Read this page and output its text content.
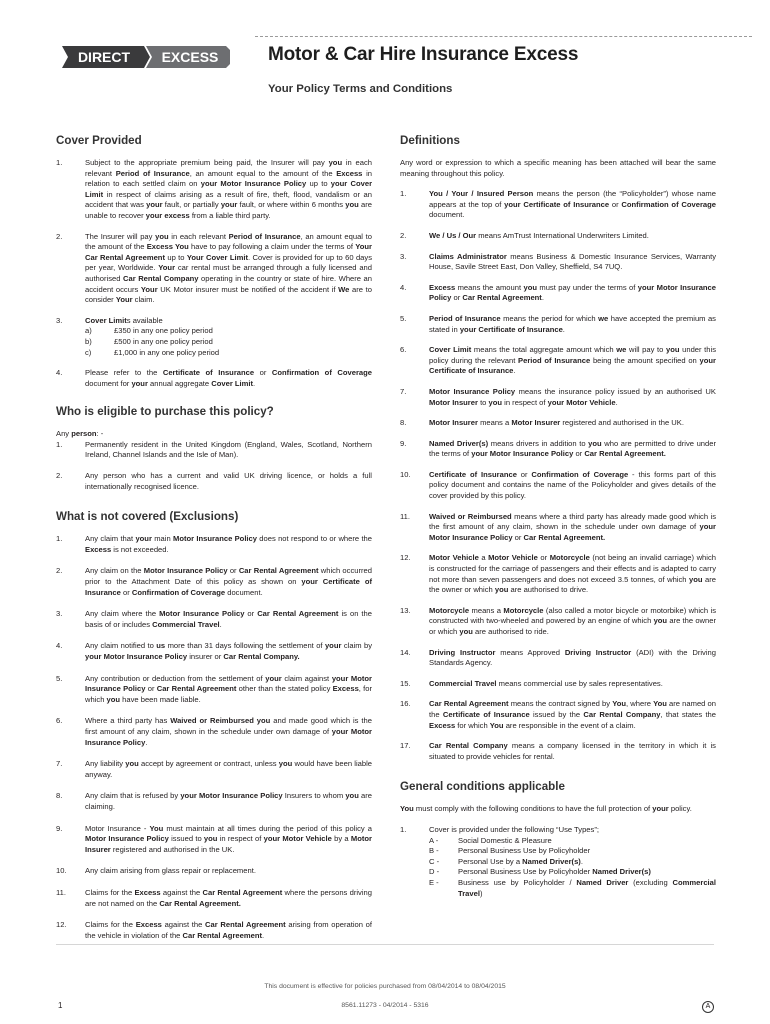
DIRECT EXCESS	Motor & Car Hire Insurance Excess
Your Policy Terms and Conditions
Cover Provided
1.	Subject to the appropriate premium being paid, the Insurer will pay you in each relevant Period of Insurance, an amount equal to the amount of the Excess in relation to each settled claim on your Motor Insurance Policy up to your Cover Limit in respect of claims arising as a result of fire, theft, flood, vandalism or an accident that was your fault, or partially your fault, or where within 6 months you are unable to recover your excess from a liable third party.
2.	The Insurer will pay you in each relevant Period of Insurance, an amount equal to the amount of the Excess You have to pay following a claim under the terms of Your Car Rental Agreement up to Your Cover Limit. Cover is provided for up to 60 days per year, Worldwide. Your car rental must be arranged through a fully licensed and authorised Car Rental Company operating in the country or state of hire. Where an accident occurs Your UK Motor insurer must be notified of the accident if We are to consider Your claim.
3.	Cover Limits available
a)	£350 in any one policy period
b)	£500 in any one policy period
c)	£1,000 in any one policy period
4.	Please refer to the Certificate of Insurance or Confirmation of Coverage document for your annual aggregate Cover Limit.
Who is eligible to purchase this policy?
Any person: -
1.	Permanently resident in the United Kingdom (England, Wales, Scotland, Northern Ireland, Channel Islands and the Isle of Man).
2.	Any person who has a current and valid UK driving licence, or holds a full internationally recognised licence.
What is not covered (Exclusions)
1.	Any claim that your main Motor Insurance Policy does not respond to or where the Excess is not exceeded.
2.	Any claim on the Motor Insurance Policy or Car Rental Agreement which occurred prior to the Attachment Date of this policy as shown on your Certificate of Insurance or Confirmation of Coverage document.
3.	Any claim where the Motor Insurance Policy or Car Rental Agreement is on the basis of or includes Commercial Travel.
4.	Any claim notified to us more than 31 days following the settlement of your claim by your Motor Insurance Policy insurer or Car Rental Company.
5.	Any contribution or deduction from the settlement of your claim against your Motor Insurance Policy or Car Rental Agreement other than the stated policy Excess, for which you have been made liable.
6.	Where a third party has Waived or Reimbursed you and made good which is the first amount of any claim, shown in the schedule under own damage of your Motor Insurance Policy.
7.	Any liability you accept by agreement or contract, unless you would have been liable anyway.
8.	Any claim that is refused by your Motor Insurance Policy Insurers to whom you are claiming.
9.	Motor Insurance - You must maintain at all times during the period of this policy a Motor Insurance Policy issued to you in respect of your Motor Vehicle by a Motor Insurer registered and authorised in the UK.
10.	Any claim arising from glass repair or replacement.
11.	Claims for the Excess against the Car Rental Agreement where the persons driving are not named on the Car Rental Agreement.
12.	Claims for the Excess against the Car Rental Agreement arising from operation of the vehicle in violation of the Car Rental Agreement.
Definitions
Any word or expression to which a specific meaning has been attached will bear the same meaning throughout this policy.
1.	You / Your / Insured Person means the person (the “Policyholder”) whose name appears at the top of your Certificate of Insurance or Confirmation of Coverage document.
2.	We / Us / Our means AmTrust International Underwriters Limited.
3.	Claims Administrator means Business & Domestic Insurance Services, Warranty House, Savile Street East, Don Valley, Sheffield, S4 7UQ.
4.	Excess means the amount you must pay under the terms of your Motor Insurance Policy or Car Rental Agreement.
5.	Period of Insurance means the period for which we have accepted the premium as stated in your Certificate of Insurance.
6.	Cover Limit means the total aggregate amount which we will pay to you under this policy during the relevant Period of Insurance being the amount specified on your Certificate of Insurance.
7.	Motor Insurance Policy means the insurance policy issued by an authorised UK Motor Insurer to you in respect of your Motor Vehicle.
8.	Motor Insurer means a Motor Insurer registered and authorised in the UK.
9.	Named Driver(s) means drivers in addition to you who are permitted to drive under the terms of your Motor Insurance Policy or Car Rental Agreement.
10.	Certificate of Insurance or Confirmation of Coverage - this forms part of this policy document and contains the name of the Policyholder and gives details of the cover provided by this policy.
11.	Waived or Reimbursed means where a third party has already made good which is the first amount of any claim, shown in the schedule under own damage of your Motor Insurance Policy or Car Rental Agreement.
12.	Motor Vehicle a Motor Vehicle or Motorcycle (not being an invalid carriage) which is constructed for the carriage of passengers and their effects and is adapted to carry not more than seven passengers and does not exceed 3.5 tonnes, of which you are the owner or which you are authorised to drive.
13.	Motorcycle means a Motorcycle (also called a motor bicycle or motorbike) which is constructed with two-wheeled and powered by an engine of which you are the owner or which you are authorised to ride.
14.	Driving Instructor means Approved Driving Instructor (ADI) with the Driving Standards Agency.
15.	Commercial Travel means commercial use by sales representatives.
16.	Car Rental Agreement means the contract signed by You, where You are named on the Certificate of Insurance issued by the Car Rental Company, that states the Excess for which You are responsible in the event of a claim.
17.	Car Rental Company means a company licensed in the territory in which it is situated to provide vehicles for rental.
General conditions applicable
You must comply with the following conditions to have the full protection of your policy.
1.	Cover is provided under the following “Use Types”;
A -	Social Domestic & Pleasure
B -	Personal Business Use by Policyholder
C -	Personal Use by a Named Driver(s).
D -	Personal Business Use by Policyholder Named Driver(s)
E -	Business use by Policyholder / Named Driver (excluding Commercial Travel)
This document is effective for policies purchased from 08/04/2014 to 08/04/2015
1	8561.11273 - 04/2014 - 5316	A
